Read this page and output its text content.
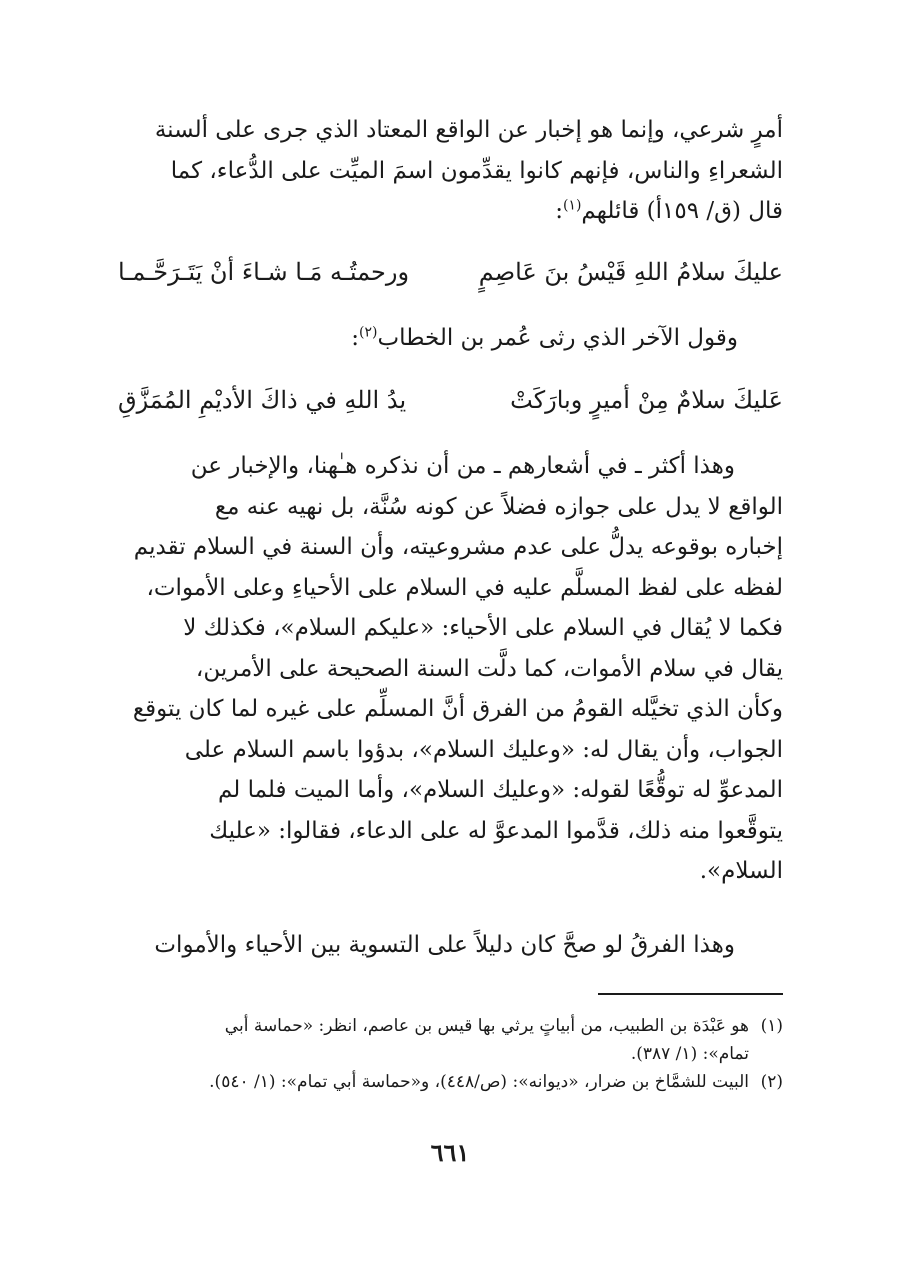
أمرٍ شرعي، وإنما هو إخبار عن الواقع المعتاد الذي جرى على ألسنة
الشعراءِ والناس، فإنهم كانوا يقدِّمون اسمَ الميِّت على الدُّعاء، كما
قال (ق/ ١٥٩أ) قائلهم$^{(١)}$:
عليكَ سلامُ اللهِ قَيْسُ بنَ عَاصِمٍ
ورحمتُـه مَـا شـاءَ أنْ يَتَـرَحَّـمـا
وقول الآخر الذي رثى عُمر بن الخطاب$^{(٢)}$:
عَليكَ سلامٌ مِنْ أميرٍ وبارَكَتْ
يدُ اللهِ في ذاكَ الأديْمِ المُمَزَّقِ
وهذا أكثر ـ في أشعارهم ـ من أن نذكره هـٰهنا، والإخبار عن
الواقع لا يدل على جوازه فضلاً عن كونه سُنَّة، بل نهيه عنه مع
إخباره بوقوعه يدلُّ على عدم مشروعيته، وأن السنة في السلام تقديم
لفظه على لفظ المسلَّم عليه في السلام على الأحياءِ وعلى الأموات،
فكما لا يُقال في السلام على الأحياء: «عليكم السلام»، فكذلك لا
يقال في سلام الأموات، كما دلَّت السنة الصحيحة على الأمرين،
وكأن الذي تخيَّله القومُ من الفرق أنَّ المسلِّم على غيره لما كان يتوقع
الجواب، وأن يقال له: «وعليك السلام»، بدؤوا باسم السلام على
المدعوِّ له توقُّعًا لقوله: «وعليك السلام»، وأما الميت فلما لم
يتوقَّعوا منه ذلك، قدَّموا المدعوَّ له على الدعاء، فقالوا: «عليك
السلام».
وهذا الفرقُ لو صحَّ كان دليلاً على التسوية بين الأحياء والأموات
(١)هو عَبْدَة بن الطبيب، من أبياتٍ يرثي بها قيس بن عاصم، انظر: «حماسة أبي
تمام»: (١/ ٣٨٧).
(٢)البيت للشمَّاخ بن ضرار، «ديوانه»: (ص/٤٤٨)، و«حماسة أبي تمام»: (١/ ٥٤٠).
٦٦١
